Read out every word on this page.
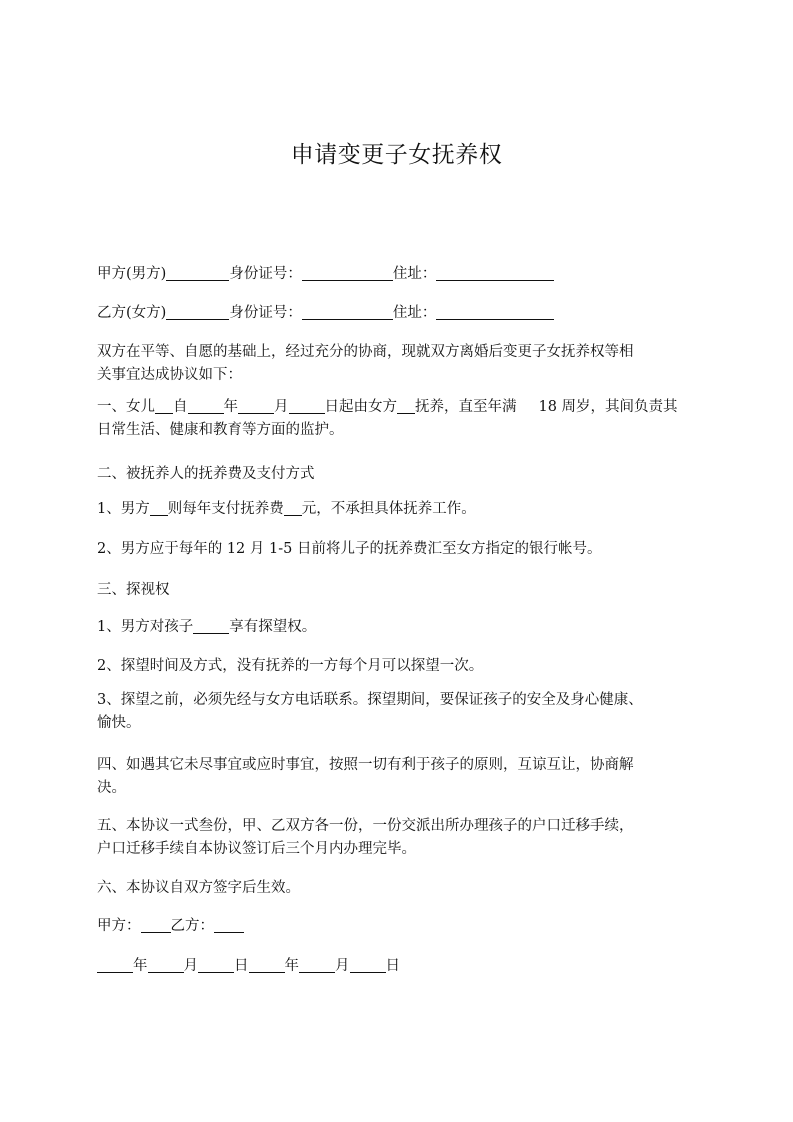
申请变更子女抚养权
甲方(男方)	身份证号：	住址：
乙方(女方)	身份证号：	住址：
双方在平等、自愿的基础上，经过充分的协商，现就双方离婚后变更子女抚养权等相
关事宜达成协议如下：
一、女儿 自 年 月 日起由女方 抚养，直至年满 18 周岁，其间负责其
日常生活、健康和教育等方面的监护。
二、被抚养人的抚养费及支付方式
1、男方 则每年支付抚养费 元，不承担具体抚养工作。
2、男方应于每年的 12 月 1-5 日前将儿子的抚养费汇至女方指定的银行帐号。
三、探视权
1、男方对孩子 享有探望权。
2、探望时间及方式，没有抚养的一方每个月可以探望一次。
3、探望之前，必须先经与女方电话联系。探望期间，要保证孩子的安全及身心健康、
愉快。
四、如遇其它未尽事宜或应时事宜，按照一切有利于孩子的原则，互谅互让，协商解
决。
五、本协议一式叁份，甲、乙双方各一份，一份交派出所办理孩子的户口迁移手续，
户口迁移手续自本协议签订后三个月内办理完毕。
六、本协议自双方签字后生效。
甲方： 乙方：
年 月 日 年 月 日
